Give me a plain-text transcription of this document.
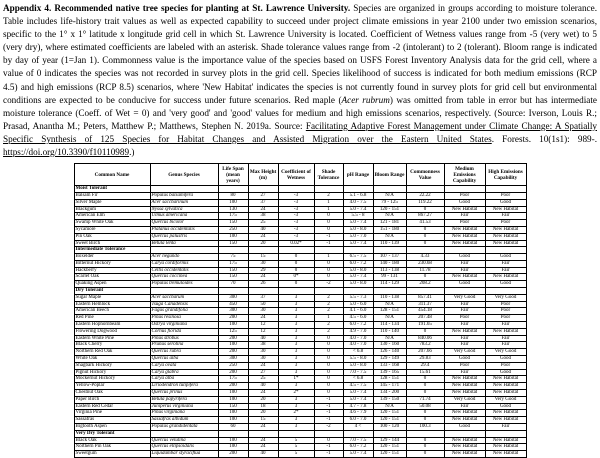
Appendix 4. Recommended native tree species for planting at St. Lawrence University. Species are organized in groups according to moisture tolerance. Table includes life-history trait values as well as expected capability to succeed under project climate emissions in year 2100 under two emission scenarios, specific to the 1° x 1° latitude x longitude grid cell in which St. Lawrence University is located. Coefficient of Wetness values range from -5 (very wet) to 5 (very dry), where estimated coefficients are labeled with an asterisk. Shade tolerance values range from -2 (intolerant) to 2 (tolerant). Bloom range is indicated by day of year (1=Jan 1). Commonness value is the importance value of the species based on USFS Forest Inventory Analysis data for the grid cell, where a value of 0 indicates the species was not recorded in survey plots in the grid cell. Species likelihood of success is indicated for both medium emissions (RCP 4.5) and high emissions (RCP 8.5) scenarios, where 'New Habitat' indicates the species is not currently found in survey plots for grid cell but environmental conditions are expected to be conducive for success under future scenarios. Red maple (Acer rubrum) was omitted from table in error but has intermediate moisture tolerance (Coeff. of Wet = 0) and 'very good' and 'good' values for medium and high emissions scenarios, respectively. (Source: Iverson, Louis R.; Prasad, Anantha M.; Peters, Matthew P.; Matthews, Stephen N. 2019a. Source: Facilitating Adaptive Forest Management under Climate Change: A Spatially Specific Synthesis of 125 Species for Habitat Changes and Assisted Migration over the Eastern United States. Forests. 10(1s1): 989-. https://doi.org/10.3390/f10110989.)

Common Name	Genus Species	Life Span (mean years)	Max Height (m)	Coefficient of Wetness	Shade Tolerance	pH Range	Bloom Range	Commonness Value	Medium Emissions Capability	High Emissions Capability
Moist Tolerant										
Balsam Fir	Populus balsamifera	80	27	-3	2	5.1 - 6.8	N/A	22.22	Poor	Poor
Silver Maple	Acer saccharinum	100	37	-3	1	4.0 - 7.5	79 - 125	119.22	Good	Good
Blackgum	Nyssa sylvatica	130	24	-3	1	5.0 - 7.4	120 - 151	0	New Habitat	New Habitat
American Elm	Ulmus americana	175	38	-3	0	5.5 - 8	N/A	867.27	Fair	Fair
Swamp White Oak	Quercus bicolor	150	25	-3	0	5.0 - 7.4	121 - 181	41.53	Poor	Poor
Sycamore	Platanus occidentalis	250	40	-3	0	5.0 - 8.0	151 - 180	0	New Habitat	New Habitat
Pin Oak	Quercus palustris	100	24	-3	-1	5.0 - 7.0	N/A	0	New Habitat	New Habitat
Sweet Birch	Betula lenta	150	20	0.02*	-1	5.0 - 7.4	110 - 139	0	New Habitat	New Habitat
Intermediate Tolerance										
Boxelder	Acer negundo	75	15	0	1	6.5 - 7.5	107 - 137	4.33	Good	Good
Bitternut Hickory	Carya cordiformis	175	30	0	0	6.0 - 7.2	140 - 180	230.68	Fair	Fair
Hackberry	Celtis occidentalis	150	29	0	0	5.0 - 8.0	113 - 138	11.78	Fair	Fair
Scarlet Oak	Quercus coccinea	150	24	0*	0	5.0 - 7.4	99 - 131	0	New Habitat	New Habitat
Quaking Aspen	Populus tremuloides	70	26	0	-2	5.0 - 8.0	114 - 129	208.2	Good	Good
Dry Tolerant										
Sugar Maple	Acer saccharum	300	37	3	2	5.5 - 7.3	110 - 138	857.41	Very Good	Very Good
Eastern Hemlock	Tsuga Canadensis	450	50	3	2	5.0 - 6.0	N/A	311.37	Fair	Poor
American Beech	Fagus grandifolia	300	30	3	2	4.1 - 6.0	128 - 151	454.18	Fair	Poor
Red Pine	Pinus resinosa	200	24	3	1	4.5 - 6.0	N/A	207.48	Poor	Poor
Eastern Hophornbeam	Ostrya virginiana	100	12	3	2	6.0 - 7.2	114 - 134	191.65	Fair	Fair
Flowering Dogwood	Cornus florida	125	12	3	2	4.9 - 7.0	110 - 140	0	New Habitat	New Habitat
Eastern White Pine	Pinus strobus	200	40	3	0	4.0 - 7.0	N/A	840.06	Fair	Fair
Black Cherry	Prunus serotina	100	38	3	0	4.0 - 7.0	130 - 160	783.2	Fair	Fair
Northern Red Oak	Quercus rubra	200	30	3	0	< 6.8	126 - 140	207.66	Very Good	Very Good
White Oak	Quercus alba	300	30	3	0	5.5 - 8.0	129 - 149	29.83	Good	Good
Shagbark Hickory	Carya ovata	250	24	3	0	5.0 - 8.0	133 - 168	29.4	Poor	Poor
Pignut Hickory	Carya glabra	200	27	3	0	7.0 - 7.5	139 - 165	15.61	Fair	Good
Mockernut Hickory	Carya alba	175	25	1*	0	< 6.8	128 - 151	0	New Habitat	New Habitat
Yellow-Poplar	Liriodendron tulipifera	200	40	3	0	4.5 - 7.5	145 - 171	0	New Habitat	New Habitat
Chestnut Oak	Quercus prinus	100	24	2*	0	5.0 - 7.4	134 - 200	0	New Habitat	New Habitat
Paper Birch	Betula papyrifera	100	20	3	-1	5.0 - 7.4	139 - 150	71.74	Very Good	Very Good
Eastern Red Cedar	Juniperus virginiana	150	18	3	-1	4.7 - 7.8	N/A	50.08	Fair	Good
Virginia Pine	Pinus virginiana	100	20	2*	-1	4.6 - 7.9	120 - 151	0	New Habitat	New Habitat
Sassafras	Sassafras albidum	100	15	3	-1	6.0 - 7.0	120 - 151	0	New Habitat	New Habitat
Bigtooth Aspen	Populus grandidentata	60	24	3	-2	4 <	100 - 120	100.3	Good	Fair
Very Dry Tolerant										
Black Oak	Quercus velutina	100	24	5	0	7.0 - 7.5	129 - 144	0	New Habitat	New Habitat
Northern Pin Oak	Quercus ellipsoidalis	100	24	5	-1	6.0 - 7.2	120 - 151	0	New Habitat	New Habitat
Sweetgum	Liquidambar styraciflua	200	40	5	-1	5.0 - 7.4	120 - 151	0	New Habitat	New Habitat
